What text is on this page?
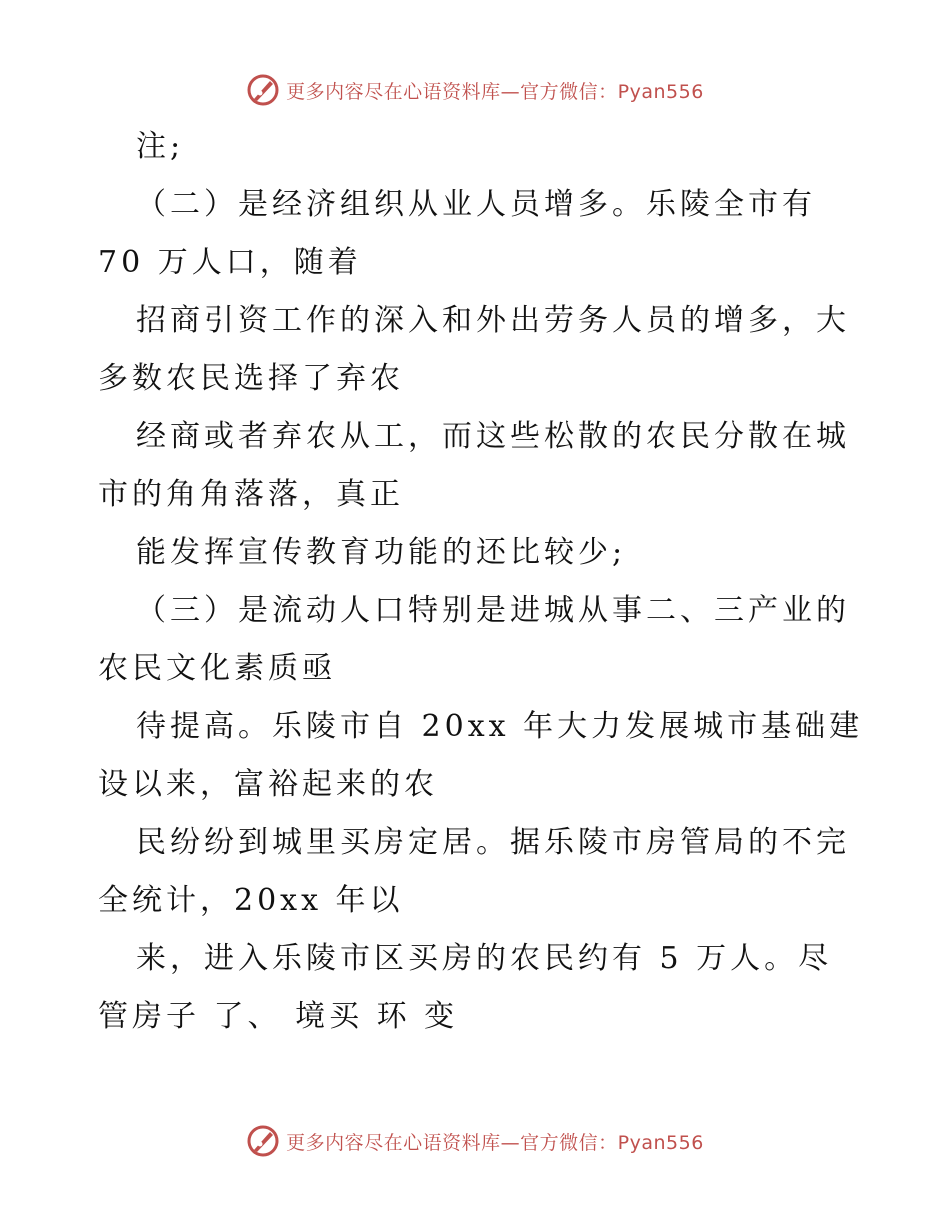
更多内容尽在心语资料库—官方微信：Pyan556
注;
（二）是经济组织从业人员增多。乐陵全市有
70 万人口，随着
招商引资工作的深入和外出劳务人员的增多，大
多数农民选择了弃农
经商或者弃农从工，而这些松散的农民分散在城
市的角角落落，真正
能发挥宣传教育功能的还比较少;
（三）是流动人口特别是进城从事二、三产业的
农民文化素质亟
待提高。乐陵市自 20xx 年大力发展城市基础建
设以来，富裕起来的农
民纷纷到城里买房定居。据乐陵市房管局的不完
全统计，20xx 年以
来，进入乐陵市区买房的农民约有 5 万人。尽
管房子 了、 境买 环 变
更多内容尽在心语资料库—官方微信：Pyan556
